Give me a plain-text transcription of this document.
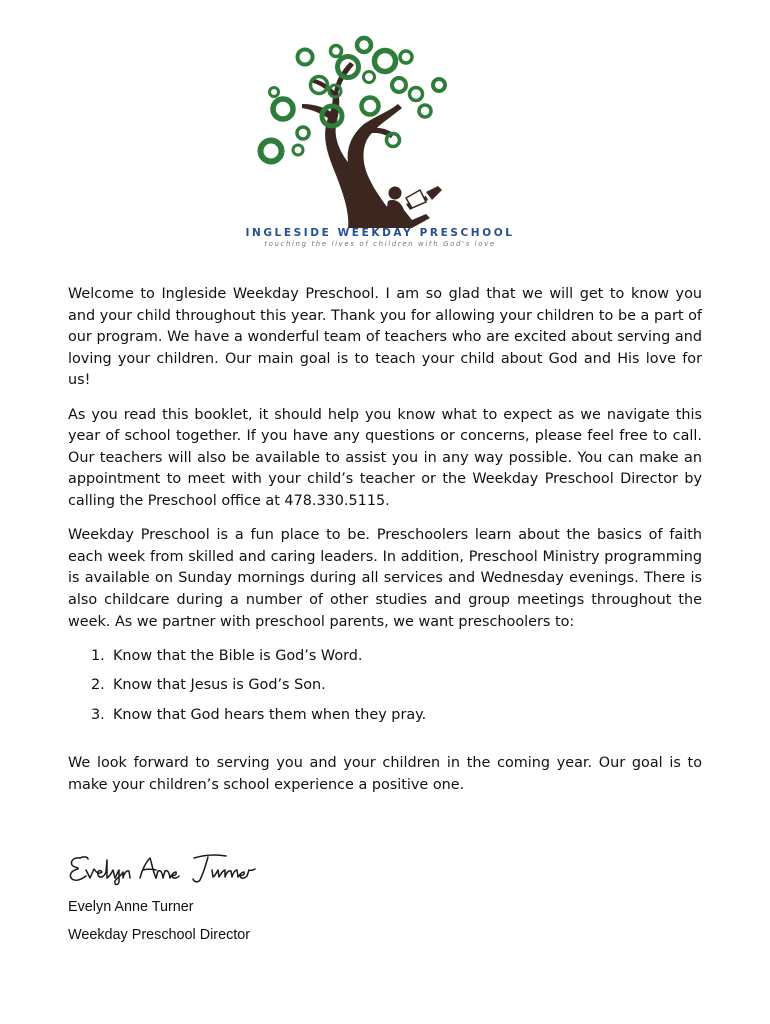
INGLESIDE WEEKDAY PRESCHOOL
touching the lives of children with God's love

Welcome to Ingleside Weekday Preschool. I am so glad that we will get to know you and your child throughout this year. Thank you for allowing your children to be a part of our program. We have a wonderful team of teachers who are excited about serving and loving your children. Our main goal is to teach your child about God and His love for us!

As you read this booklet, it should help you know what to expect as we navigate this year of school together. If you have any questions or concerns, please feel free to call. Our teachers will also be available to assist you in any way possible. You can make an appointment to meet with your child’s teacher or the Weekday Preschool Director by calling the Preschool office at 478.330.5115.

Weekday Preschool is a fun place to be. Preschoolers learn about the basics of faith each week from skilled and caring leaders. In addition, Preschool Ministry programming is available on Sunday mornings during all services and Wednesday evenings. There is also childcare during a number of other studies and group meetings throughout the week. As we partner with preschool parents, we want preschoolers to:

1. Know that the Bible is God’s Word.
2. Know that Jesus is God’s Son.
3. Know that God hears them when they pray.

We look forward to serving you and your children in the coming year. Our goal is to make your children’s school experience a positive one.

Evelyn Anne Turner
Weekday Preschool Director
